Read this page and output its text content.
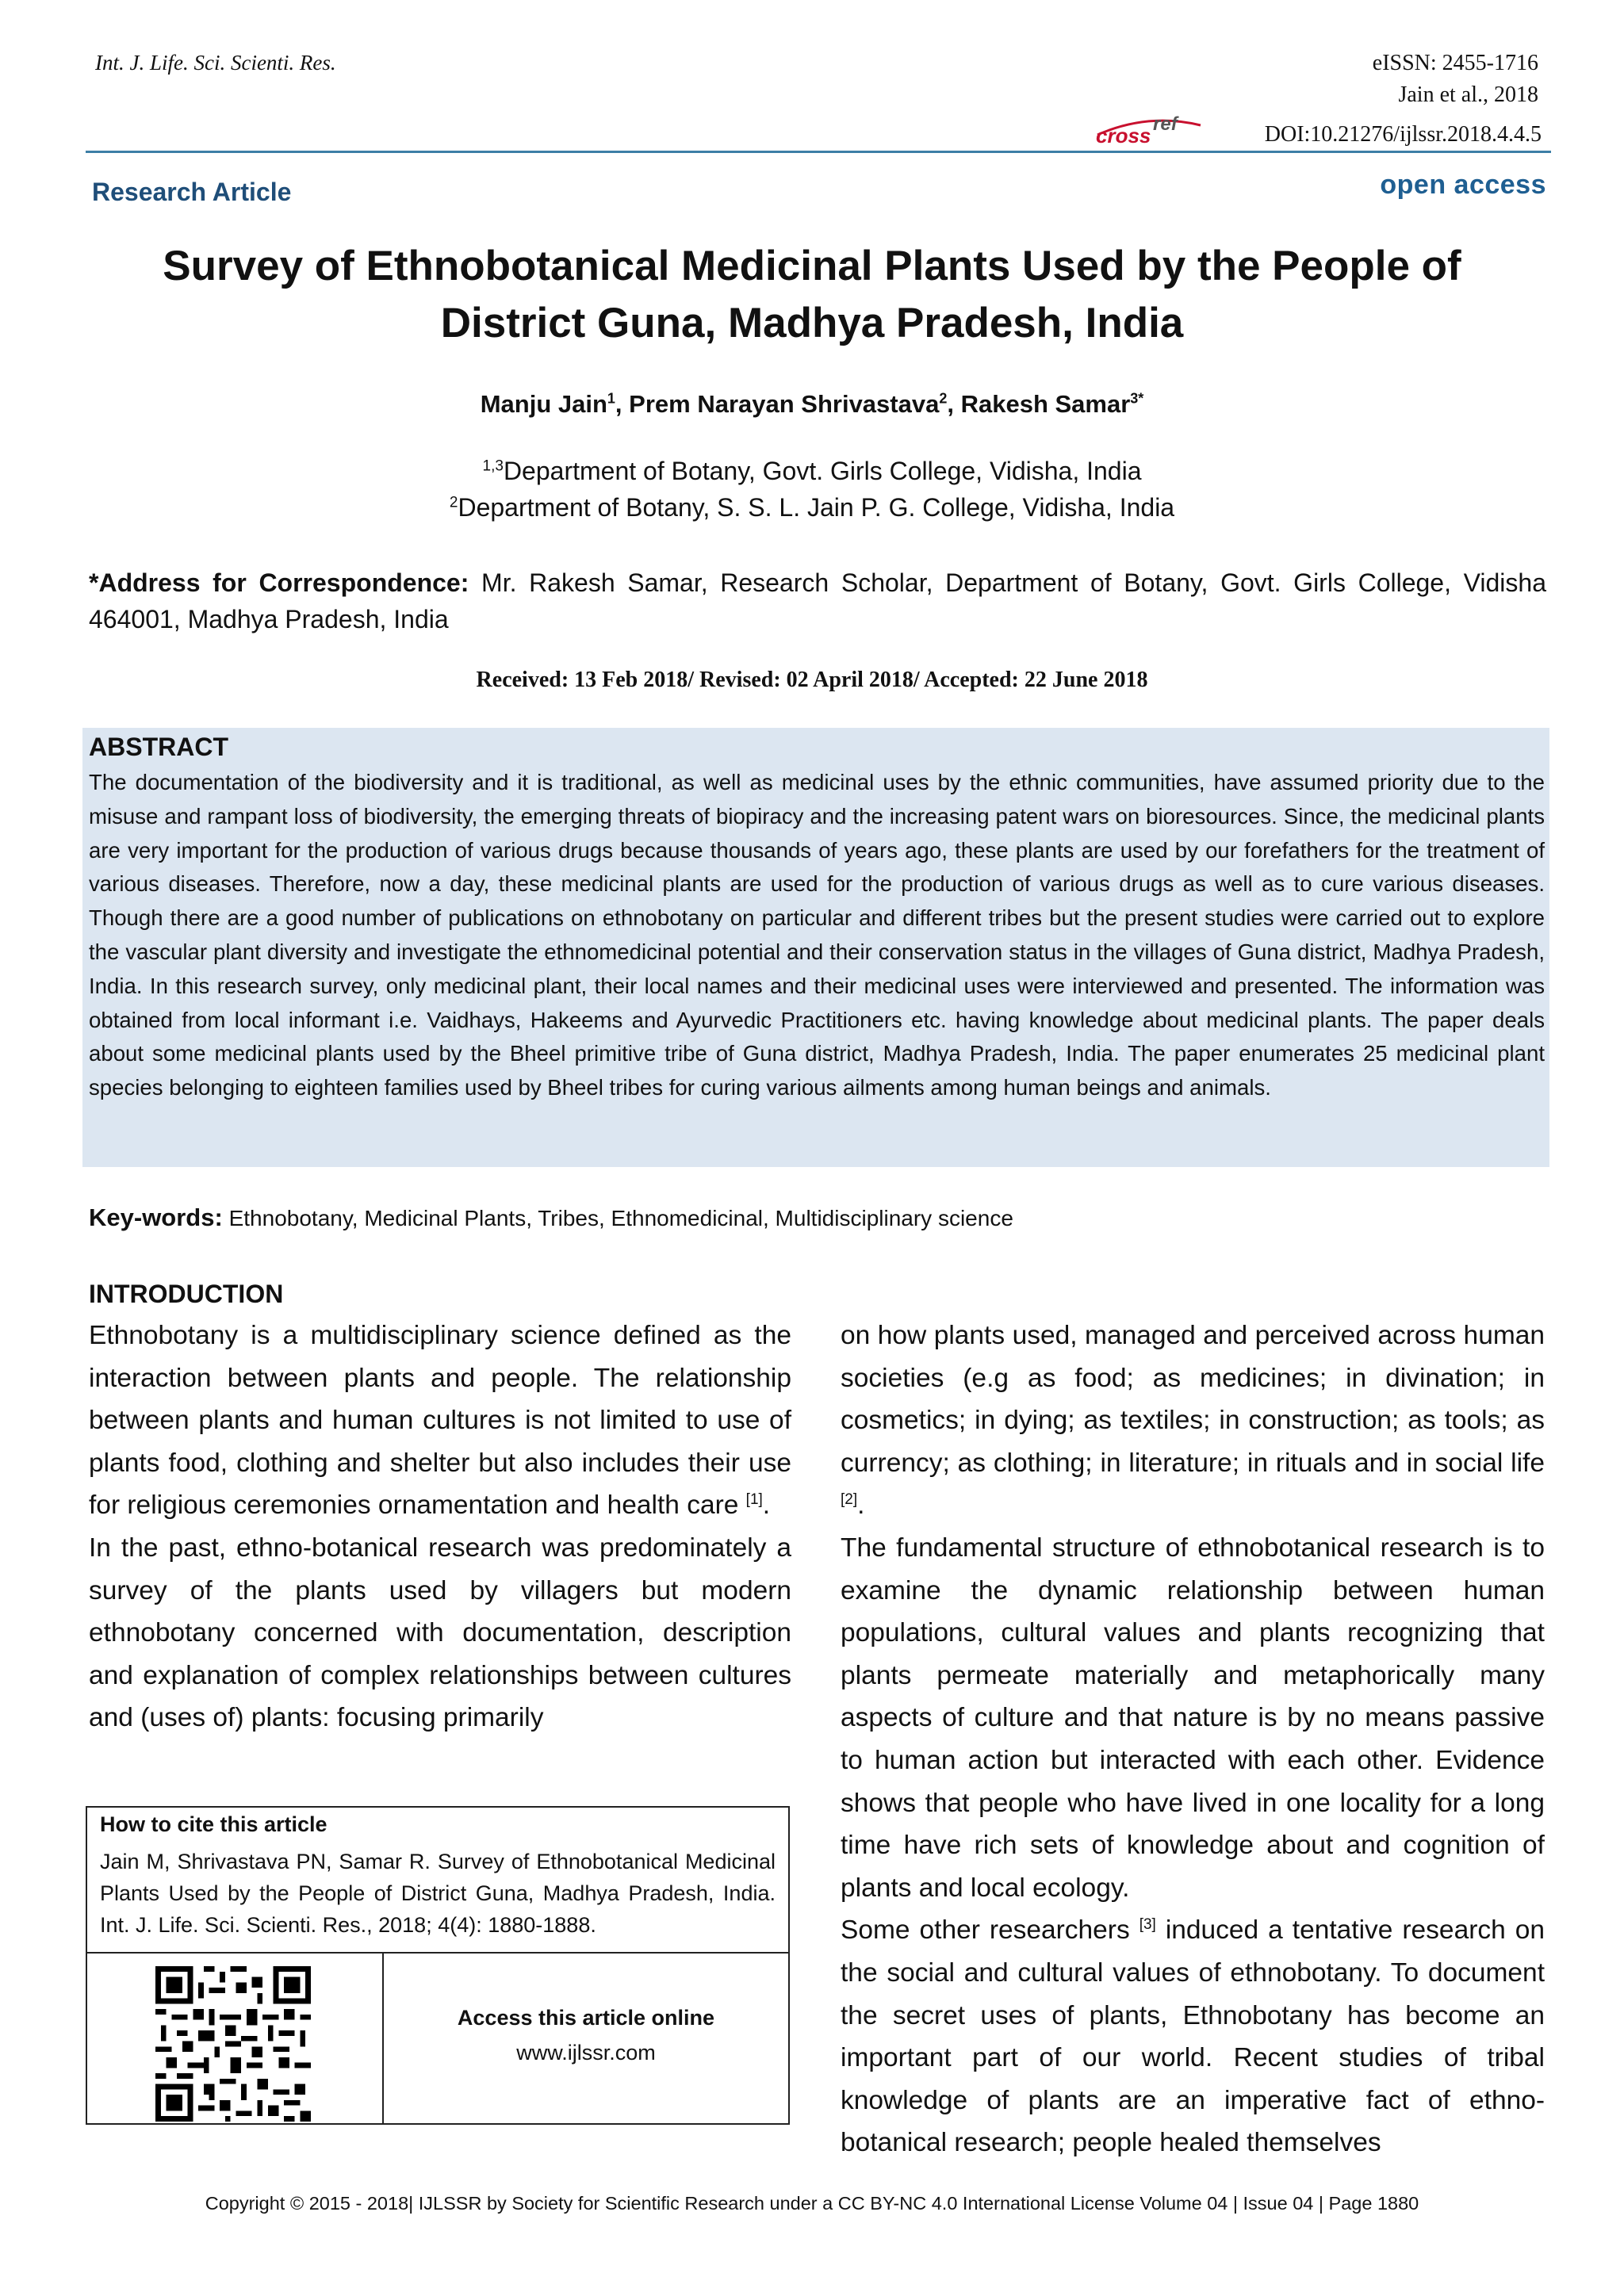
Int. J. Life. Sci. Scienti. Res.	eISSN: 2455-1716
Jain et al., 2018
cross ref	DOI:10.21276/ijlssr.2018.4.4.5
Research Article	open access
Survey of Ethnobotanical Medicinal Plants Used by the People of District Guna, Madhya Pradesh, India
Manju Jain$^1$, Prem Narayan Shrivastava$^2$, Rakesh Samar$^{3*}$
$^{1,3}$Department of Botany, Govt. Girls College, Vidisha, India
$^2$Department of Botany, S. S. L. Jain P. G. College, Vidisha, India
*Address for Correspondence: Mr. Rakesh Samar, Research Scholar, Department of Botany, Govt. Girls College, Vidisha 464001, Madhya Pradesh, India
Received: 13 Feb 2018/ Revised: 02 April 2018/ Accepted: 22 June 2018
ABSTRACT
The documentation of the biodiversity and it is traditional, as well as medicinal uses by the ethnic communities, have assumed priority due to the misuse and rampant loss of biodiversity, the emerging threats of biopiracy and the increasing patent wars on bioresources. Since, the medicinal plants are very important for the production of various drugs because thousands of years ago, these plants are used by our forefathers for the treatment of various diseases. Therefore, now a day, these medicinal plants are used for the production of various drugs as well as to cure various diseases. Though there are a good number of publications on ethnobotany on particular and different tribes but the present studies were carried out to explore the vascular plant diversity and investigate the ethnomedicinal potential and their conservation status in the villages of Guna district, Madhya Pradesh, India. In this research survey, only medicinal plant, their local names and their medicinal uses were interviewed and presented. The information was obtained from local informant i.e. Vaidhays, Hakeems and Ayurvedic Practitioners etc. having knowledge about medicinal plants. The paper deals about some medicinal plants used by the Bheel primitive tribe of Guna district, Madhya Pradesh, India. The paper enumerates 25 medicinal plant species belonging to eighteen families used by Bheel tribes for curing various ailments among human beings and animals.
Key-words: Ethnobotany, Medicinal Plants, Tribes, Ethnomedicinal, Multidisciplinary science
INTRODUCTION

Ethnobotany is a multidisciplinary science defined as the interaction between plants and people. The relationship between plants and human cultures is not limited to use of plants food, clothing and shelter but also includes their use for religious ceremonies ornamentation and health care [1].

In the past, ethno-botanical research was predominately a survey of the plants used by villagers but modern ethnobotany concerned with documentation, description and explanation of complex relationships between cultures and (uses of) plants: focusing primarily

on how plants used, managed and perceived across human societies (e.g as food; as medicines; in divination; in cosmetics; in dying; as textiles; in construction; as tools; as currency; as clothing; in literature; in rituals and in social life [2].

The fundamental structure of ethnobotanical research is to examine the dynamic relationship between human populations, cultural values and plants recognizing that plants permeate materially and metaphorically many aspects of culture and that nature is by no means passive to human action but interacted with each other. Evidence shows that people who have lived in one locality for a long time have rich sets of knowledge about and cognition of plants and local ecology.

Some other researchers [3] induced a tentative research on the social and cultural values of ethnobotany. To document the secret uses of plants, Ethnobotany has become an important part of our world. Recent studies of tribal knowledge of plants are an imperative fact of ethno-botanical research; people healed themselves

How to cite this article
Jain M, Shrivastava PN, Samar R. Survey of Ethnobotanical Medicinal Plants Used by the People of District Guna, Madhya Pradesh, India. Int. J. Life. Sci. Scienti. Res., 2018; 4(4): 1880-1888.
Access this article online
www.ijlssr.com
Copyright © 2015 - 2018| IJLSSR by Society for Scientific Research under a CC BY-NC 4.0 International License Volume 04 | Issue 04 | Page 1880
